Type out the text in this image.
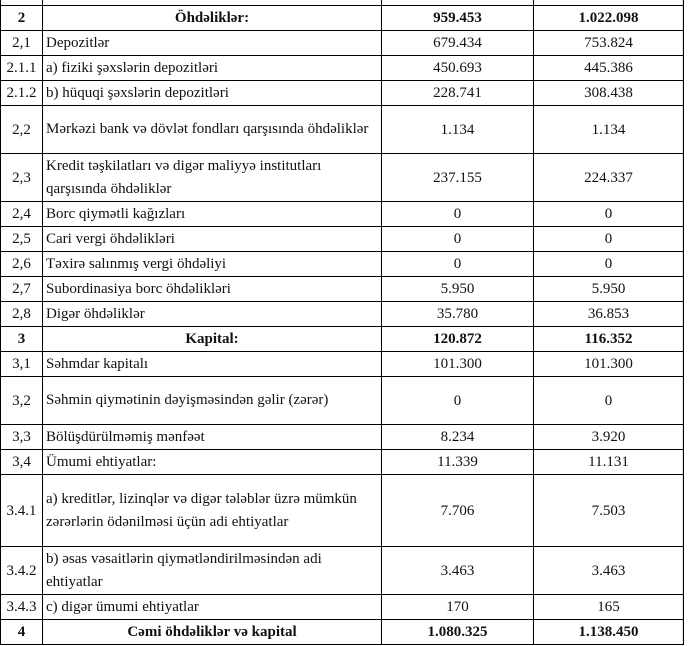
2	Öhdəliklər:	959.453	1.022.098
2,1	Depozitlər	679.434	753.824
2.1.1	a) fiziki şəxslərin depozitləri	450.693	445.386
2.1.2	b) hüquqi şəxslərin depozitləri	228.741	308.438
2,2	Mərkəzi bank və dövlət fondları qarşısında öhdəliklər	1.134	1.134
2,3	Kredit təşkilatları və digər maliyyə institutları qarşısında öhdəliklər	237.155	224.337
2,4	Borc qiymətli kağızları	0	0
2,5	Cari vergi öhdəlikləri	0	0
2,6	Təxirə salınmış vergi öhdəliyi	0	0
2,7	Subordinasiya borc öhdəlikləri	5.950	5.950
2,8	Digər öhdəliklər	35.780	36.853
3	Kapital:	120.872	116.352
3,1	Səhmdar kapitalı	101.300	101.300
3,2	Səhmin qiymətinin dəyişməsindən gəlir (zərər)	0	0
3,3	Bölüşdürülməmiş mənfəət	8.234	3.920
3,4	Ümumi ehtiyatlar:	11.339	11.131
3.4.1	a) kreditlər, lizinqlər və digər tələblər üzrə mümkün zərərlərin ödənilməsi üçün adi ehtiyatlar	7.706	7.503
3.4.2	b) əsas vəsaitlərin qiymətləndirilməsindən adi ehtiyatlar	3.463	3.463
3.4.3	c) digər ümumi ehtiyatlar	170	165
4	Cəmi öhdəliklər və kapital	1.080.325	1.138.450
